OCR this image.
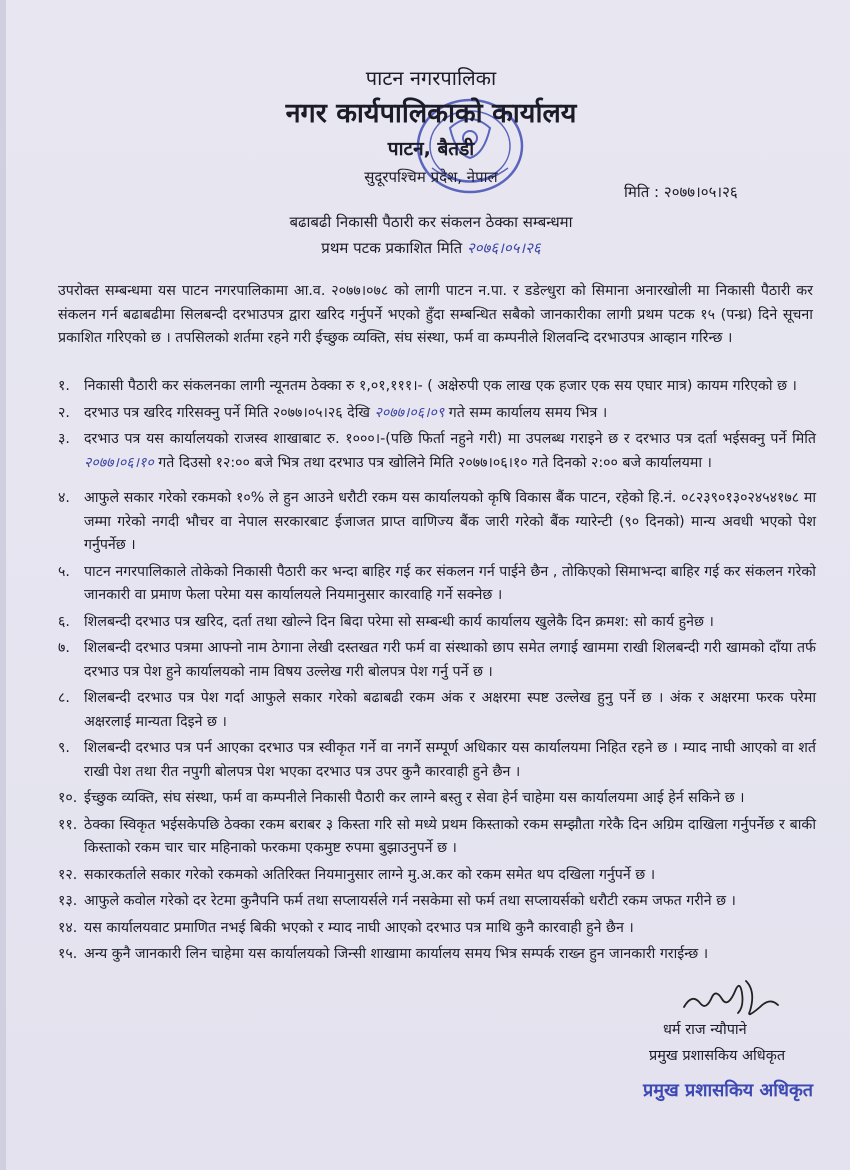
पाटन नगरपालिका
नगर कार्यपालिकाको कार्यालय
पाटन, बैतडी
सुदूरपश्चिम प्रदेश, नेपाल
मिति : २०७७।०५।२६
बढाबढी निकासी पैठारी कर संकलन ठेक्का सम्बन्धमा
प्रथम पटक प्रकाशित मिति २०७६।०५।२६
उपरोक्त सम्बन्धमा यस पाटन नगरपालिकामा आ.व. २०७७।०७८ को लागी पाटन न.पा. र डडेल्धुरा को सिमाना अनारखोली मा निकासी पैठारी कर संकलन गर्न बढाबढीमा सिलबन्दी दरभाउपत्र द्वारा खरिद गर्नुपर्ने भएको हुँदा सम्बन्धित सबैको जानकारीका लागी प्रथम पटक १५ (पन्ध्र) दिने सूचना प्रकाशित गरिएको छ । तपसिलको शर्तमा रहने गरी ईच्छुक व्यक्ति, संघ संस्था, फर्म वा कम्पनीले शिलवन्दि दरभाउपत्र आव्हान गरिन्छ ।
१. निकासी पैठारी कर संकलनका लागी न्यूनतम ठेक्का रु १,०१,१११।- ( अक्षेरुपी एक लाख एक हजार एक सय एघार मात्र) कायम गरिएको छ ।
२. दरभाउ पत्र खरिद गरिसक्नु पर्ने मिति २०७७।०५।२६ देखि २०७७।०६।०९ गते सम्म कार्यालय समय भित्र ।
३. दरभाउ पत्र यस कार्यालयको राजस्व शाखाबाट रु. १०००।-(पछि फिर्ता नहुने गरी) मा उपलब्ध गराइने छ र दरभाउ पत्र दर्ता भईसक्नु पर्ने मिति २०७७।०६।१० गते दिउसो १२:०० बजे भित्र तथा दरभाउ पत्र खोलिने मिति २०७७।०६।१० गते दिनको २:०० बजे कार्यालयमा ।
४. आफुले सकार गरेको रकमको १०% ले हुन आउने धरौटी रकम यस कार्यालयको कृषि विकास बैंक पाटन, रहेको हि.नं. ०८२३९०१३०२४५४१७८ मा जम्मा गरेको नगदी भौचर वा नेपाल सरकारबाट ईजाजत प्राप्त वाणिज्य बैंक जारी गरेको बैंक ग्यारेन्टी (९० दिनको) मान्य अवधी भएको पेश गर्नुपर्नेछ ।
५. पाटन नगरपालिकाले तोकेको निकासी पैठारी कर भन्दा बाहिर गई कर संकलन गर्न पाईने छैन , तोकिएको सिमाभन्दा बाहिर गई कर संकलन गरेको जानकारी वा प्रमाण फेला परेमा यस कार्यालयले नियमानुसार कारवाहि गर्ने सक्नेछ ।
६. शिलबन्दी दरभाउ पत्र खरिद, दर्ता तथा खोल्ने दिन बिदा परेमा सो सम्बन्धी कार्य कार्यालय खुलेकै दिन क्रमश: सो कार्य हुनेछ ।
७. शिलबन्दी दरभाउ पत्रमा आफ्नो नाम ठेगाना लेखी दस्तखत गरी फर्म वा संस्थाको छाप समेत लगाई खाममा राखी शिलबन्दी गरी खामको दाँया तर्फ दरभाउ पत्र पेश हुने कार्यालयको नाम विषय उल्लेख गरी बोलपत्र पेश गर्नु पर्ने छ ।
८. शिलबन्दी दरभाउ पत्र पेश गर्दा आफुले सकार गरेको बढाबढी रकम अंक र अक्षरमा स्पष्ट उल्लेख हुनु पर्ने छ । अंक र अक्षरमा फरक परेमा अक्षरलाई मान्यता दिइने छ ।
९. शिलबन्दी दरभाउ पत्र पर्न आएका दरभाउ पत्र स्वीकृत गर्ने वा नगर्ने सम्पूर्ण अधिकार यस कार्यालयमा निहित रहने छ । म्याद नाघी आएको वा शर्त राखी पेश तथा रीत नपुगी बोलपत्र पेश भएका दरभाउ पत्र उपर कुनै कारवाही हुने छैन ।
१०. ईच्छुक व्यक्ति, संघ संस्था, फर्म वा कम्पनीले निकासी पैठारी कर लाग्ने बस्तु र सेवा हेर्न चाहेमा यस कार्यालयमा आई हेर्न सकिने छ ।
११. ठेक्का स्विकृत भईसकेपछि ठेक्का रकम बराबर ३ किस्ता गरि सो मध्ये प्रथम किस्ताको रकम सम्झौता गरेकै दिन अग्रिम दाखिला गर्नुपर्नेछ र बाकी किस्ताको रकम चार चार महिनाको फरकमा एकमुष्ट रुपमा बुझाउनुपर्ने छ ।
१२. सकारकर्ताले सकार गरेको रकमको अतिरिक्त नियमानुसार लाग्ने मु.अ.कर को रकम समेत थप दखिला गर्नुपर्ने छ ।
१३. आफुले कवोल गरेको दर रेटमा कुनैपनि फर्म तथा सप्लायर्सले गर्न नसकेमा सो फर्म तथा सप्लायर्सको धरौटी रकम जफत गरीने छ ।
१४. यस कार्यालयवाट प्रमाणित नभई बिकी भएको र म्याद नाघी आएको दरभाउ पत्र माथि कुनै कारवाही हुने छैन ।
१५. अन्य कुनै जानकारी लिन चाहेमा यस कार्यालयको जिन्सी शाखामा कार्यालय समय भित्र सम्पर्क राख्न हुन जानकारी गराईन्छ ।
धर्म राज न्यौपाने
प्रमुख प्रशासकिय अधिकृत
प्रमुख प्रशासकिय अधिकृत
